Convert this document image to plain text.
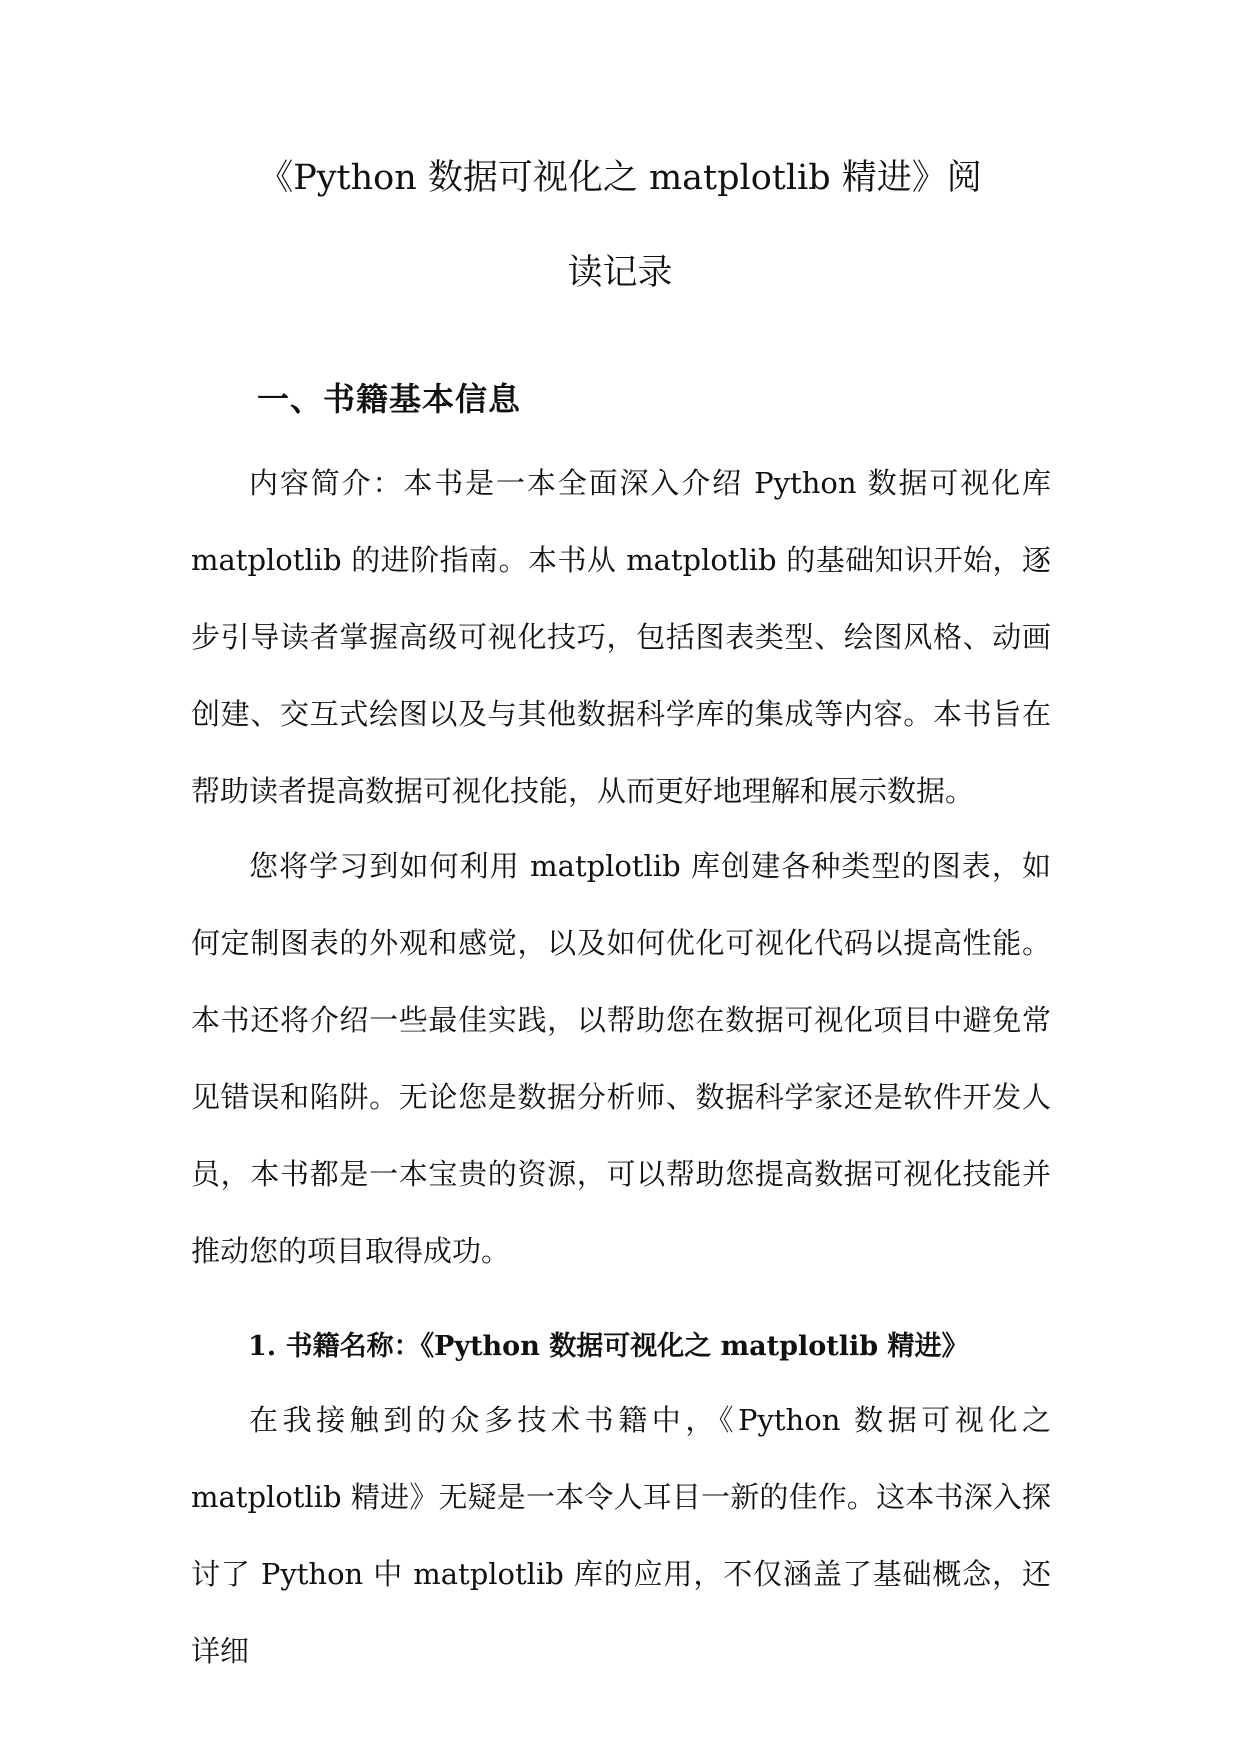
《Python 数据可视化之 matplotlib 精进》阅
读记录
一、书籍基本信息

内容简介：本书是一本全面深入介绍 Python 数据可视化库 matplotlib 的进阶指南。本书从 matplotlib 的基础知识开始，逐步引导读者掌握高级可视化技巧，包括图表类型、绘图风格、动画创建、交互式绘图以及与其他数据科学库的集成等内容。本书旨在帮助读者提高数据可视化技能，从而更好地理解和展示数据。

您将学习到如何利用 matplotlib 库创建各种类型的图表，如何定制图表的外观和感觉，以及如何优化可视化代码以提高性能。本书还将介绍一些最佳实践，以帮助您在数据可视化项目中避免常见错误和陷阱。无论您是数据分析师、数据科学家还是软件开发人员，本书都是一本宝贵的资源，可以帮助您提高数据可视化技能并推动您的项目取得成功。

1. 书籍名称：《Python 数据可视化之 matplotlib 精进》

在我接触到的众多技术书籍中，《Python 数据可视化之 matplotlib 精进》无疑是一本令人耳目一新的佳作。这本书深入探讨了 Python 中 matplotlib 库的应用，不仅涵盖了基础概念，还详细
